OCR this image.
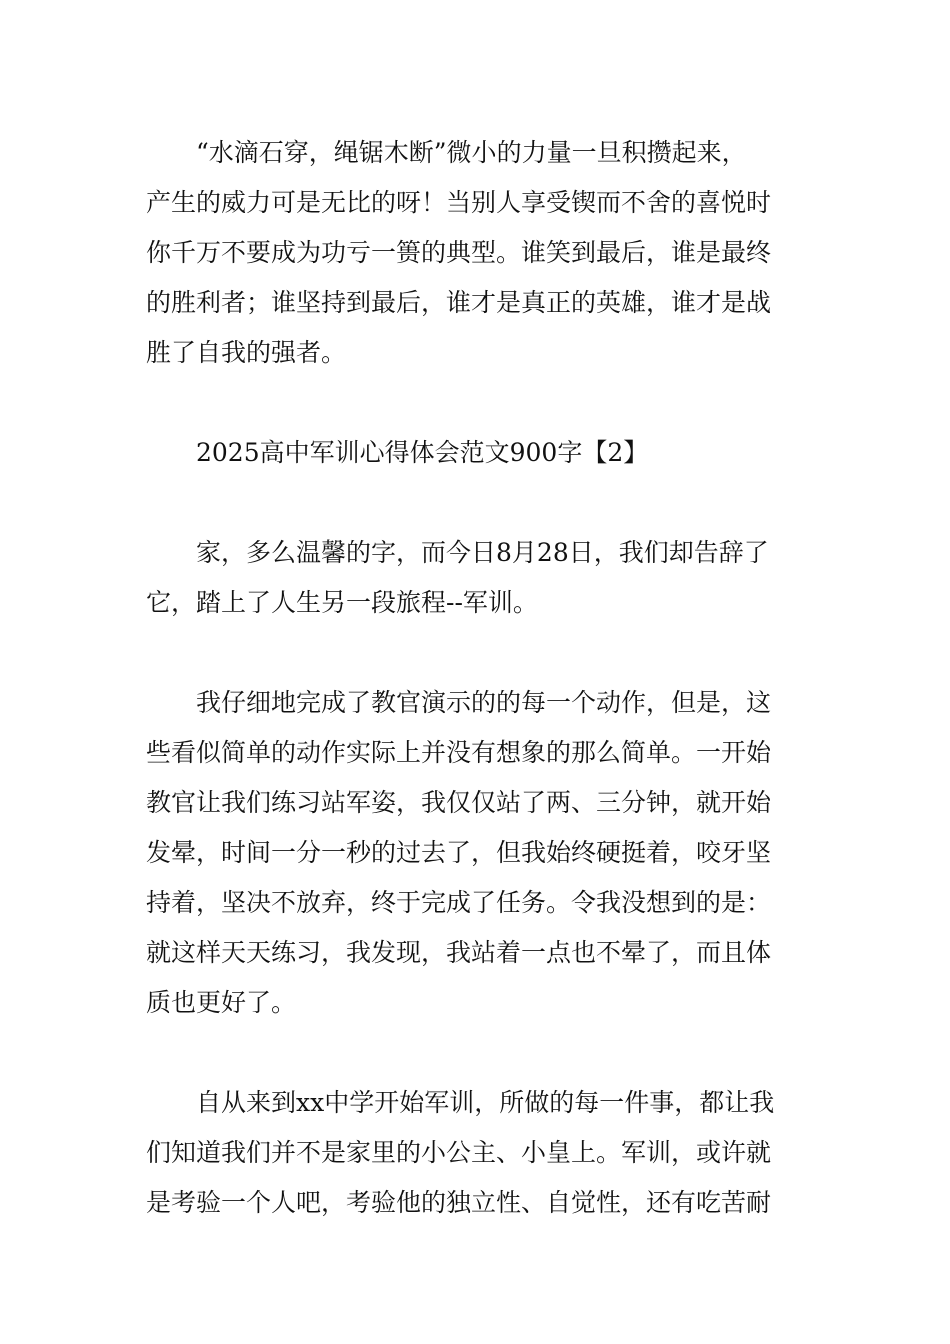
“水滴石穿，绳锯木断”微小的力量一旦积攒起来，
产生的威力可是无比的呀！当别人享受锲而不舍的喜悦时
你千万不要成为功亏一篑的典型。谁笑到最后，谁是最终
的胜利者；谁坚持到最后，谁才是真正的英雄，谁才是战
胜了自我的强者。
2025高中军训心得体会范文900字【2】
家，多么温馨的字，而今日8月28日，我们却告辞了
它，踏上了人生另一段旅程--军训。
我仔细地完成了教官演示的的每一个动作，但是，这
些看似简单的动作实际上并没有想象的那么简单。一开始
教官让我们练习站军姿，我仅仅站了两、三分钟，就开始
发晕，时间一分一秒的过去了，但我始终硬挺着，咬牙坚
持着，坚决不放弃，终于完成了任务。令我没想到的是：
就这样天天练习，我发现，我站着一点也不晕了，而且体
质也更好了。
自从来到xx中学开始军训，所做的每一件事，都让我
们知道我们并不是家里的小公主、小皇上。军训，或许就
是考验一个人吧，考验他的独立性、自觉性，还有吃苦耐
